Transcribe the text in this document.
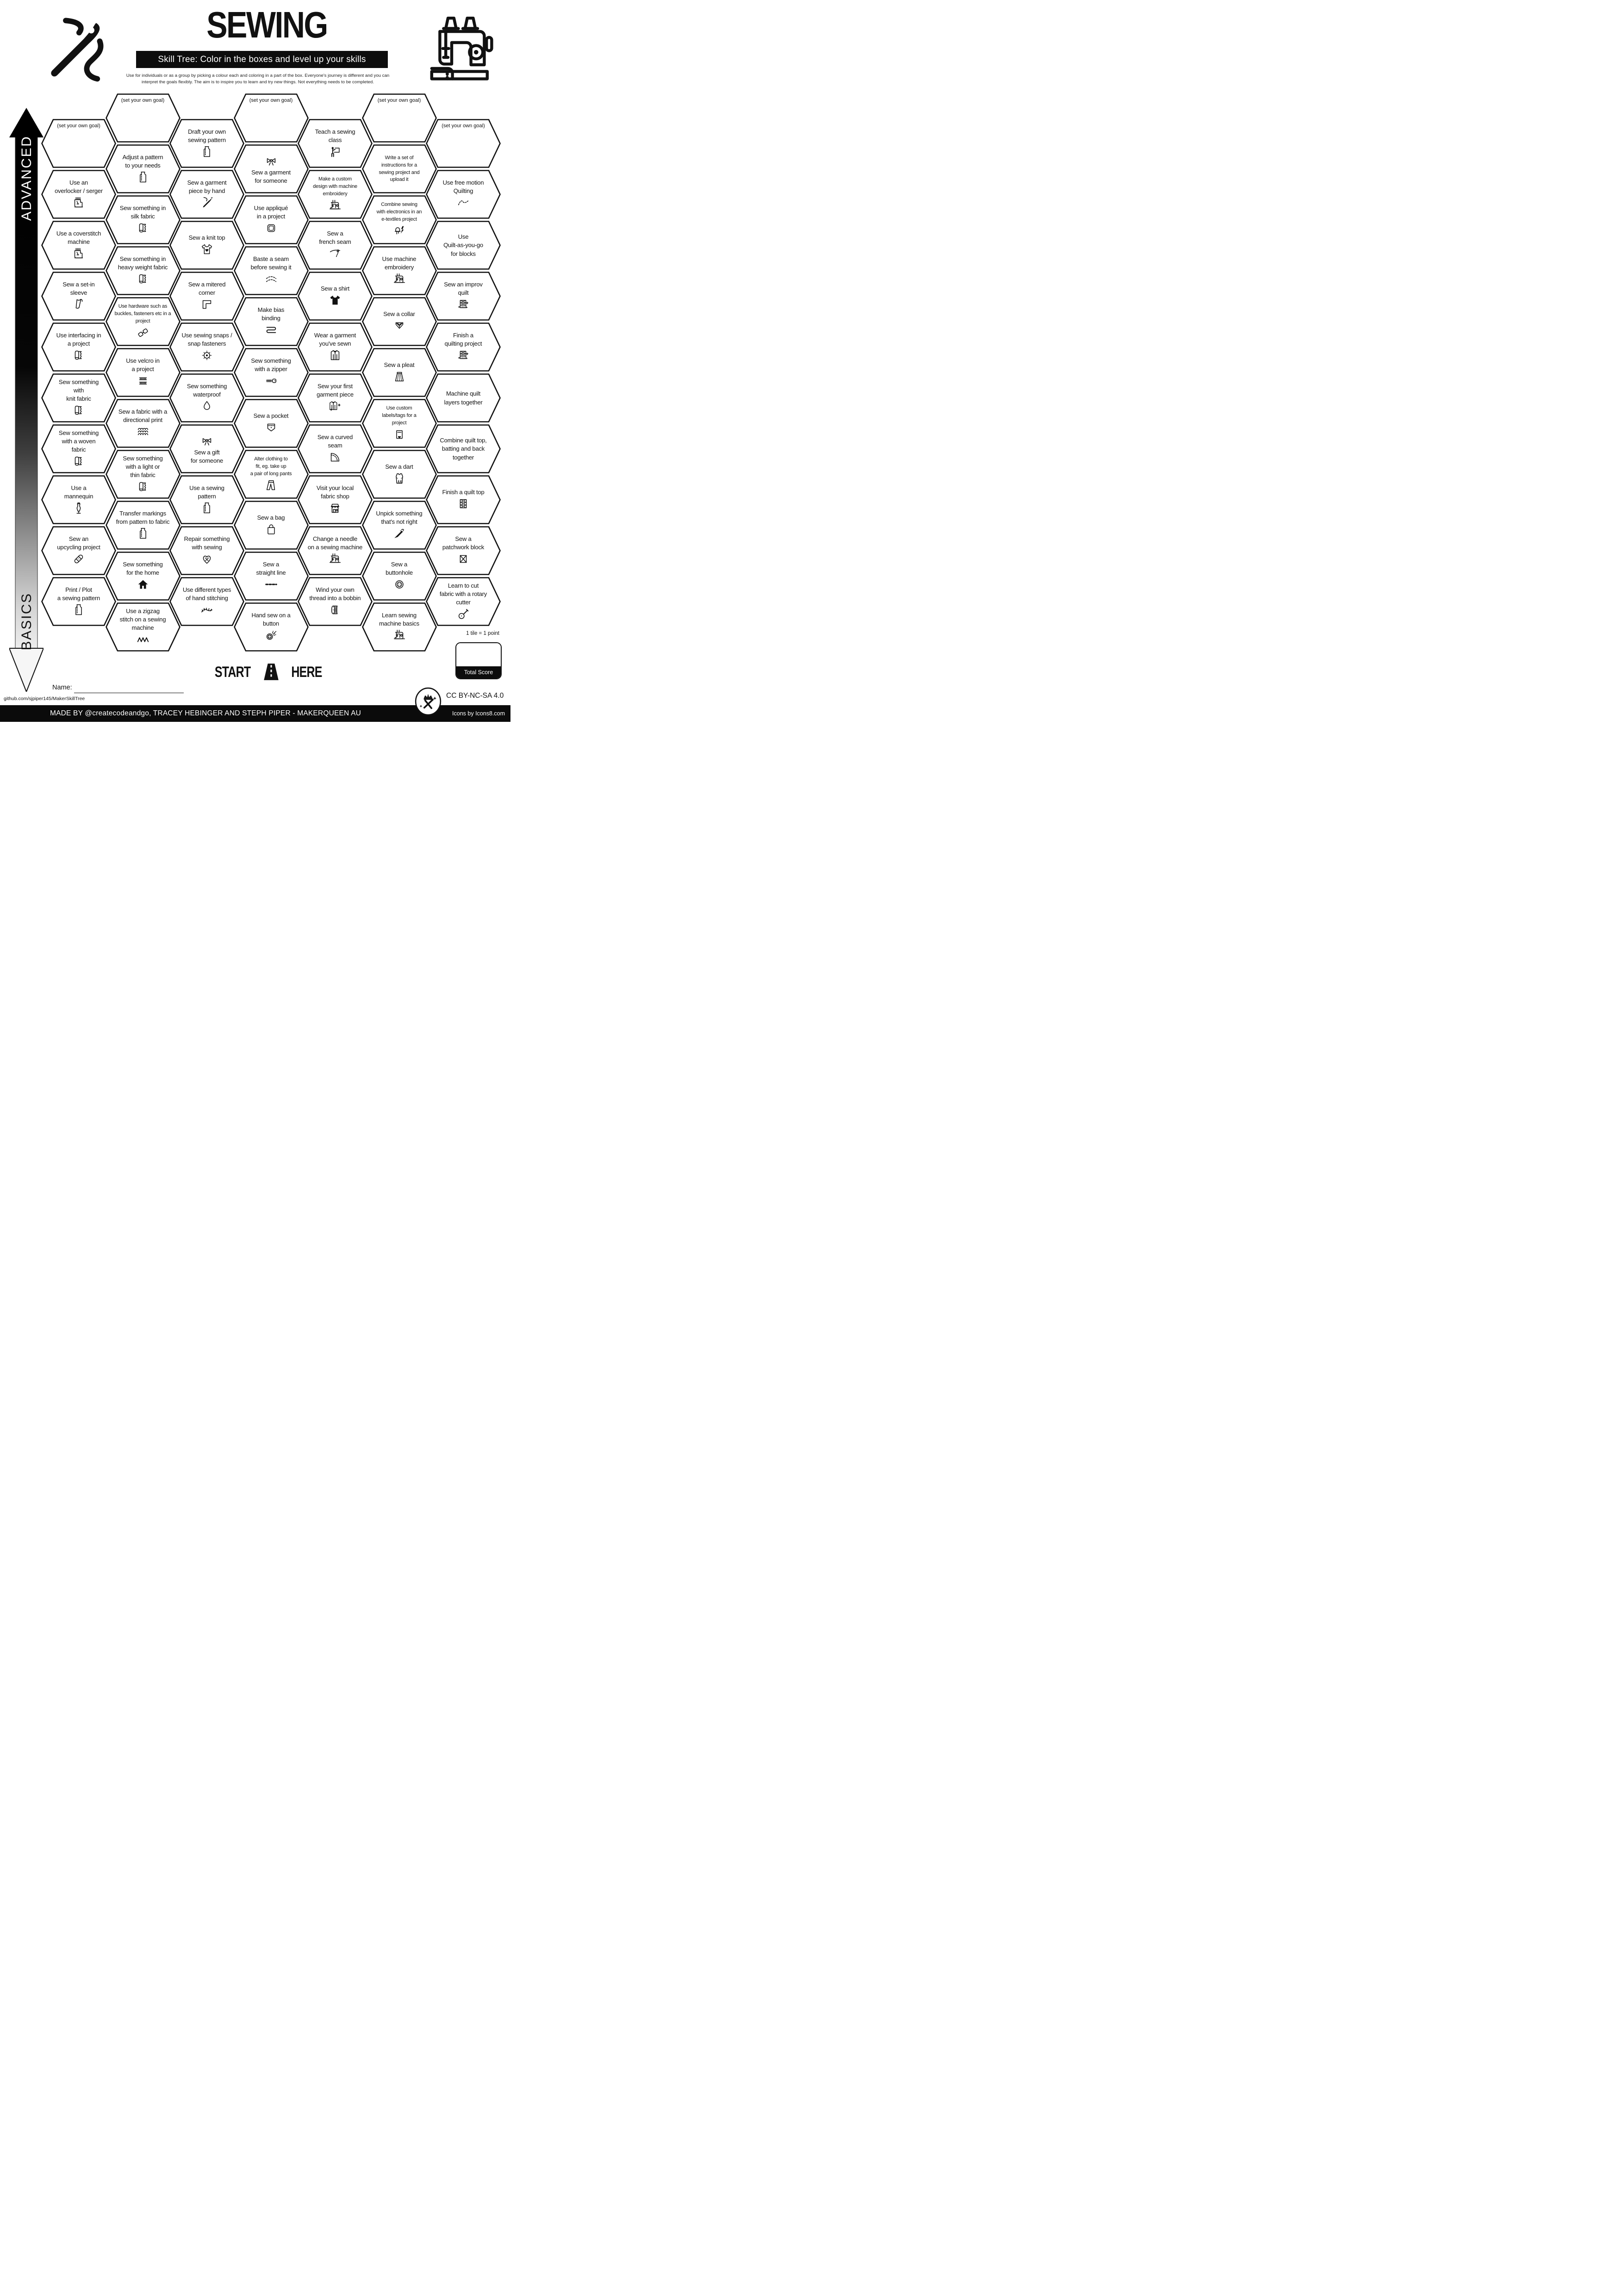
SEWING
Skill Tree: Color in the boxes and level up your skills
Use for individuals or as a group by picking a colour each and coloring in a part of the box. Everyone's journey is different and you can
interpret the goals flexibly. The aim is to inspire you to learn and try new things. Not everything needs to be completed.
ADVANCED
BASICS
(set your own goal)
Use an
overlocker / serger
Use a coverstitch
machine
Sew a set-in
sleeve
Use interfacing in
a project
Sew something
with
knit fabric
Sew something
with a woven
fabric
Use a
mannequin
Sew an
upcycling project
Print / Plot
a sewing pattern
(set your own goal)
Adjust a pattern
to your needs
Sew something in
silk fabric
Sew something in
heavy weight fabric
Use hardware such as
buckles, fasteners etc in a
project
Use velcro in
a project
Sew a fabric with a
directional print
Sew something
with a light or
thin fabric
Transfer markings
from pattern to fabric
Sew something
for the home
Use a zigzag
stitch on a sewing
machine
Draft your own
sewing pattern
Sew a garment
piece by hand
Sew a knit top
Sew a mitered
corner
Use sewing snaps /
snap fasteners
Sew something
waterproof
Sew a gift
for someone
Use a sewing
pattern
Repair something
with sewing
Use different types
of hand stitching
(set your own goal)
Sew a garment
for someone
Use appliqué
in a project
Baste a seam
before sewing it
Make bias
binding
Sew something
with a zipper
Sew a pocket
Alter clothing to
fit, eg. take up
a pair of long pants
Sew a bag
Sew a
straight line
Hand sew on a
button
Teach a sewing
class
Make a custom
design with machine
embroidery
Sew a
french seam
Sew a shirt
Wear a garment
you've sewn
Sew your first
garment piece
Sew a curved
seam
Visit your local
fabric shop
Change a needle
on a sewing machine
Wind your own
thread into a bobbin
(set your own goal)
Write a set of
instructions for a
sewing project and
upload it
Combine sewing
with electronics in an
e-textiles project
Use machine
embroidery
Sew a collar
Sew a pleat
Use custom
labels/tags for a
project
Sew a dart
Unpick something
that's not right
Sew a
buttonhole
Learn sewing
machine basics
(set your own goal)
Use free motion
Quilting
Use
Quilt-as-you-go
for blocks
Sew an improv
quilt
Finish a
quilting project
Machine quilt
layers together
Combine quilt top,
batting and back
together
Finish a quilt top
Sew a
patchwork block
Learn to cut
fabric with a rotary
cutter
1 tile = 1 point
Total Score
START	HERE
Name:
github.com/sjpiper145/MakerSkillTree	CC BY-NC-SA 4.0
MADE BY @createcodeandgo, TRACEY HEBINGER AND STEPH PIPER - MAKERQUEEN AU	Icons by Icons8.com
